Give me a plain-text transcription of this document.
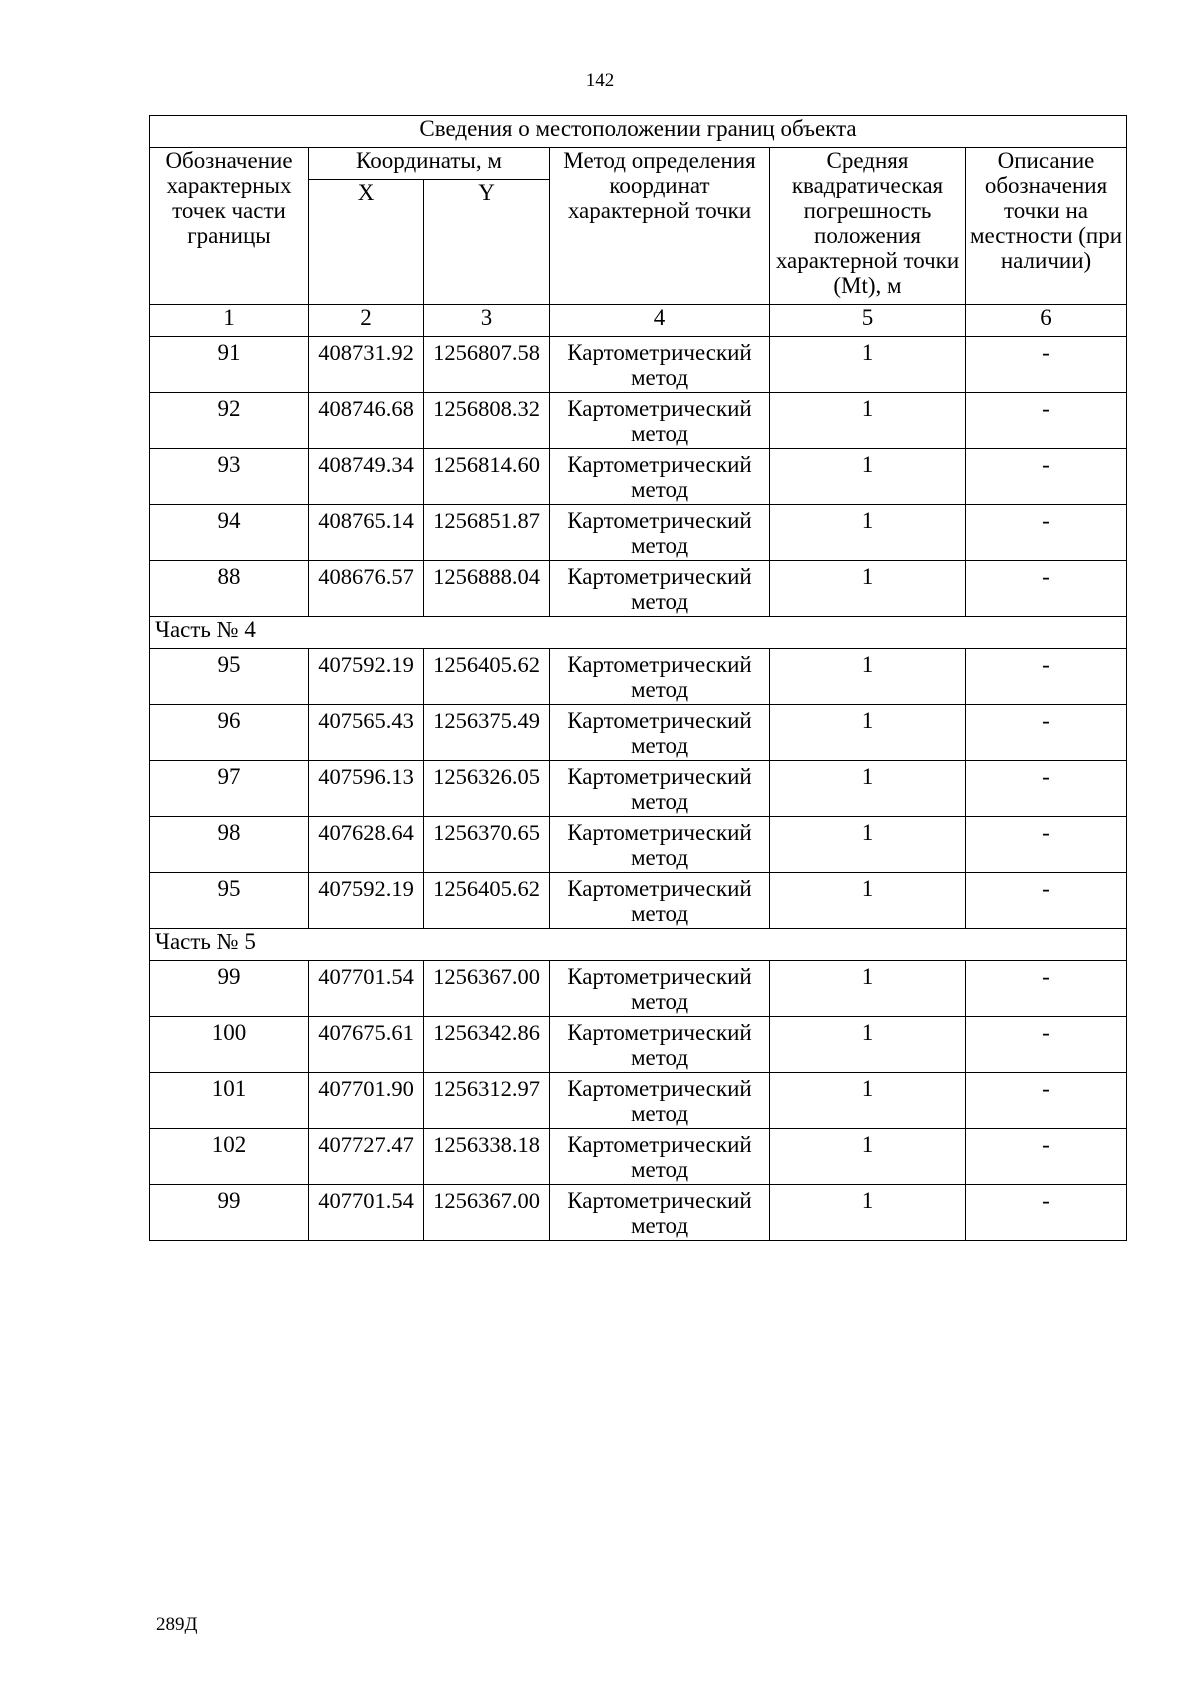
142
Сведения о местоположении границ объекта					
Обозначение характерных точек части границы	Координаты, м		Метод определения координат характерной точки	Средняя квадратическая погрешность положения характерной точки (Mt), м	Описание обозначения точки на местности (при наличии)
	X	Y			
1	2	3	4	5	6
91	408731.92	1256807.58	Картометрический метод	1	-
92	408746.68	1256808.32	Картометрический метод	1	-
93	408749.34	1256814.60	Картометрический метод	1	-
94	408765.14	1256851.87	Картометрический метод	1	-
88	408676.57	1256888.04	Картометрический метод	1	-
Часть № 4					
95	407592.19	1256405.62	Картометрический метод	1	-
96	407565.43	1256375.49	Картометрический метод	1	-
97	407596.13	1256326.05	Картометрический метод	1	-
98	407628.64	1256370.65	Картометрический метод	1	-
95	407592.19	1256405.62	Картометрический метод	1	-
Часть № 5					
99	407701.54	1256367.00	Картометрический метод	1	-
100	407675.61	1256342.86	Картометрический метод	1	-
101	407701.90	1256312.97	Картометрический метод	1	-
102	407727.47	1256338.18	Картометрический метод	1	-
99	407701.54	1256367.00	Картометрический метод	1	-
289Д
